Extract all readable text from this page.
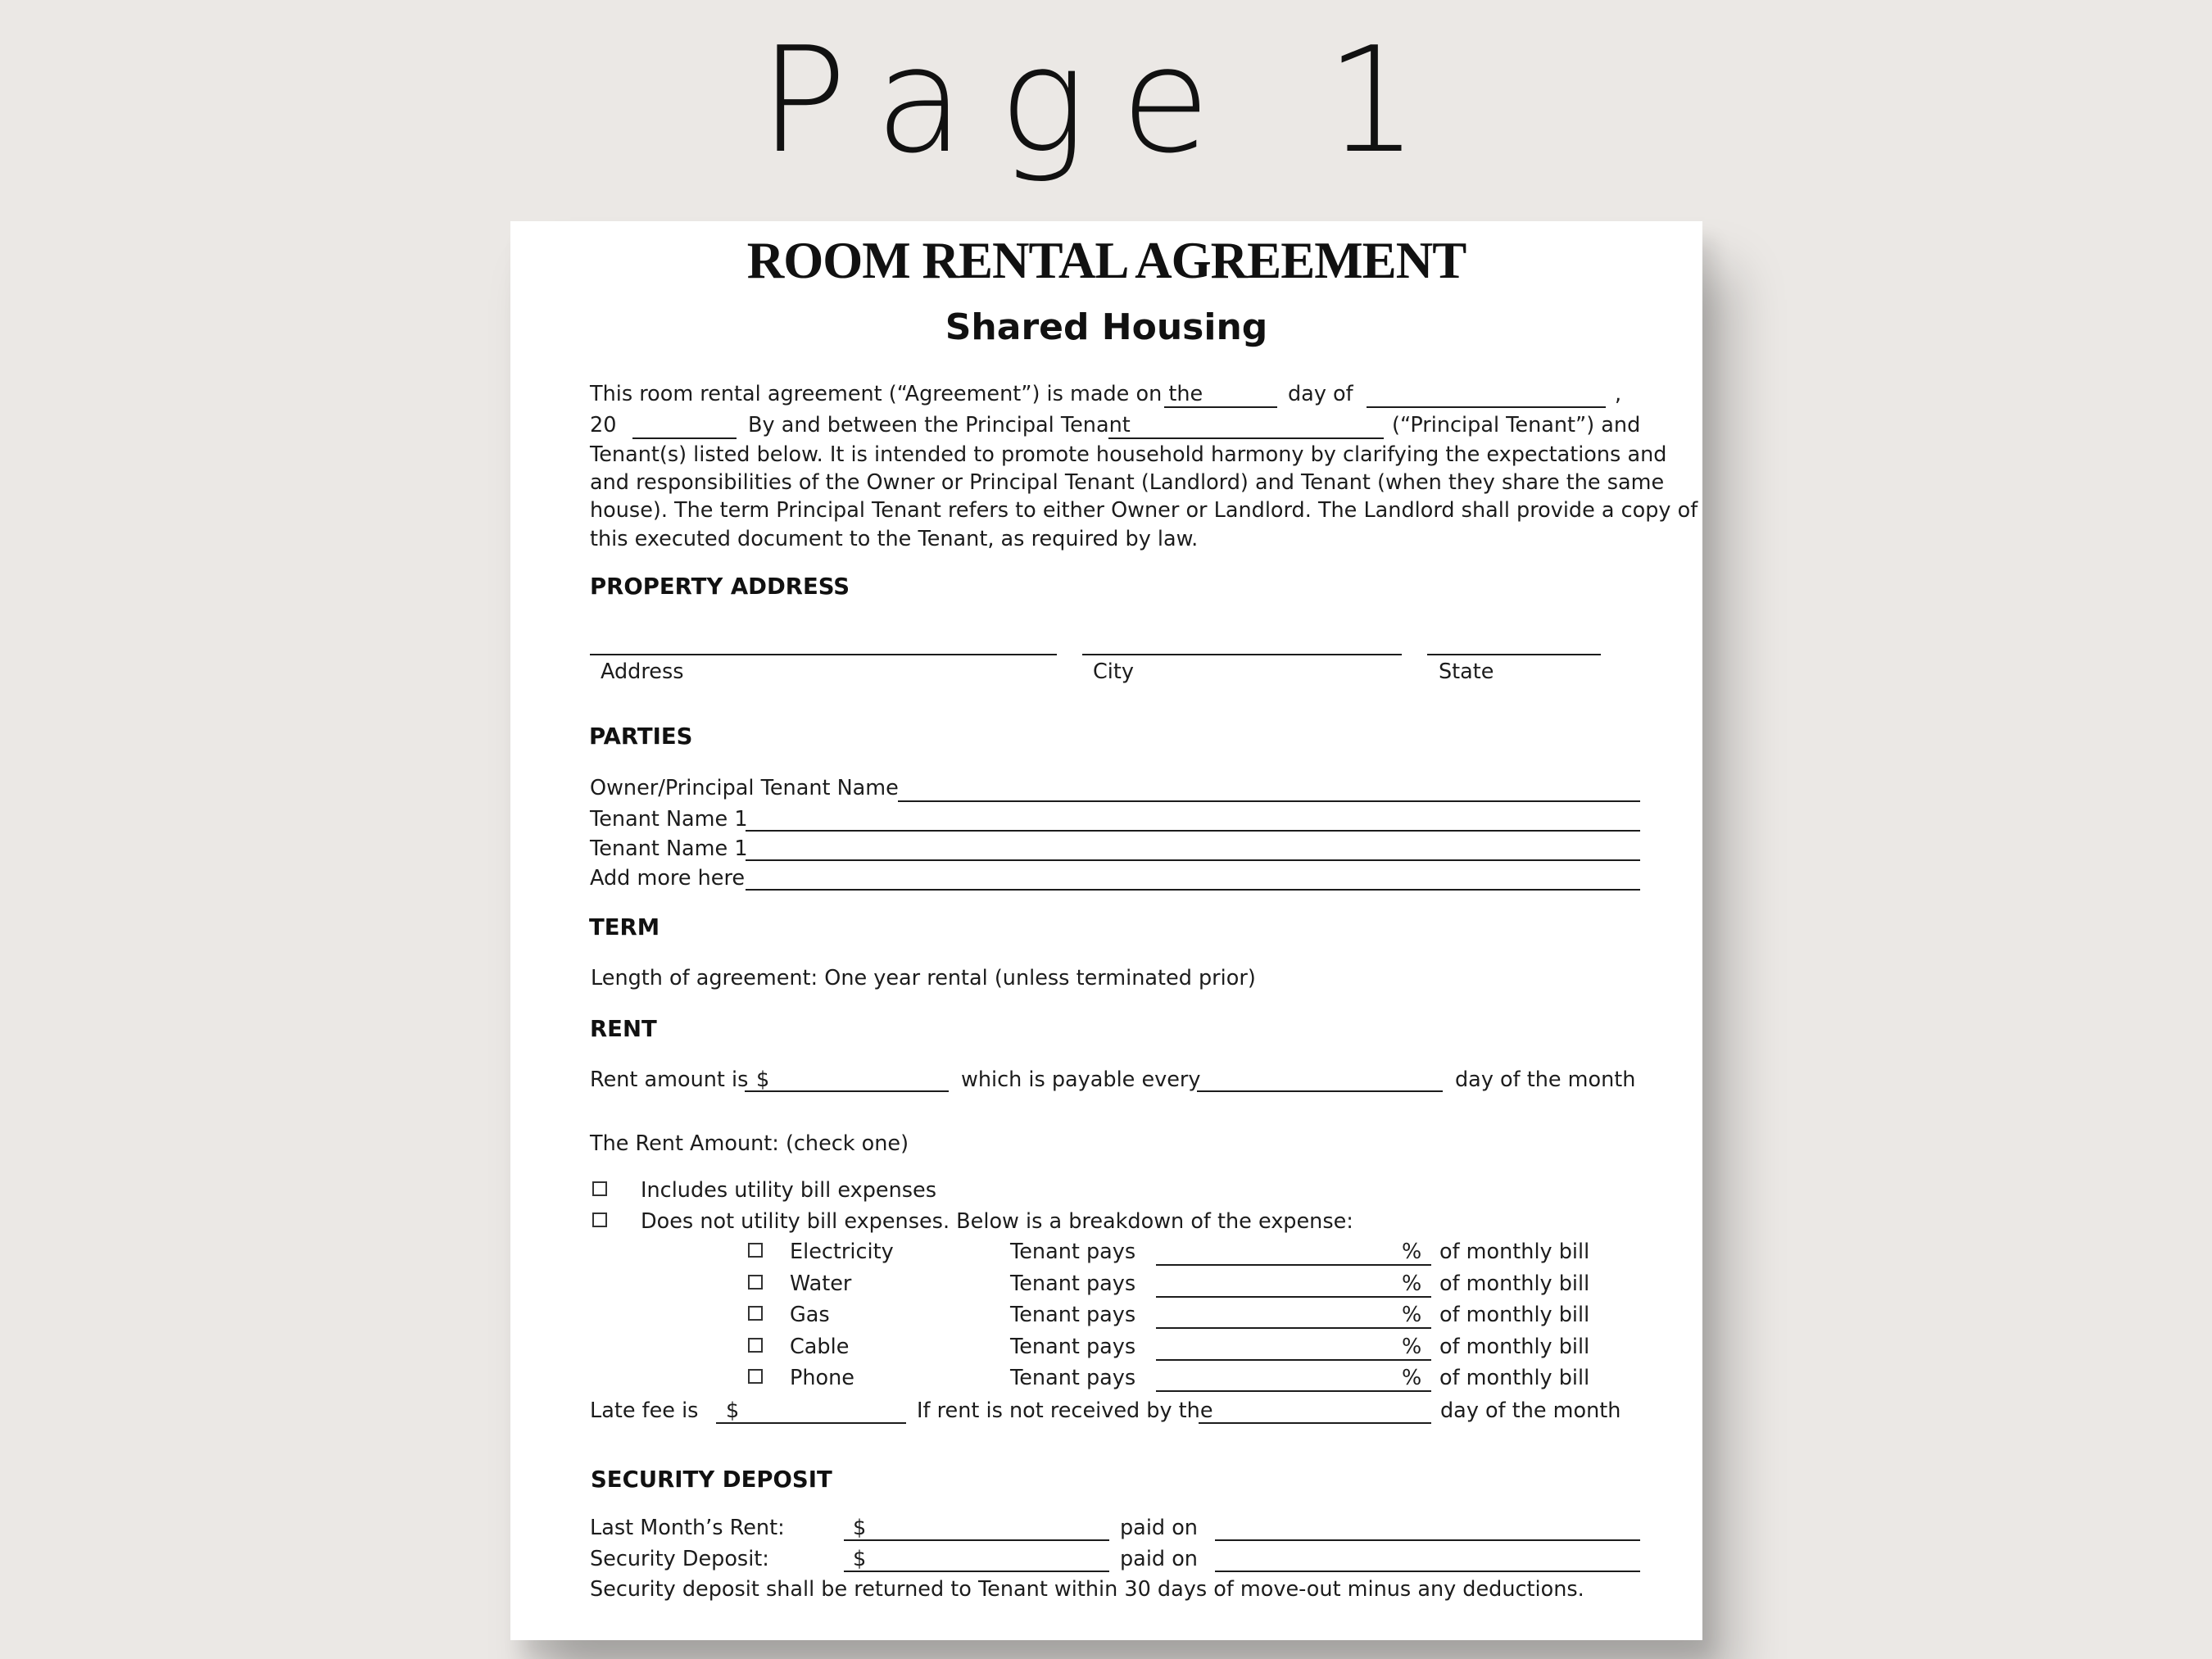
Page 1
ROOM RENTAL AGREEMENT
Shared Housing
This room rental agreement (“Agreement”) is made on the	day of	,
20	By and between the Principal Tenant	(“Principal Tenant”) and
Tenant(s) listed below. It is intended to promote household harmony by clarifying the expectations and
and responsibilities of the Owner or Principal Tenant (Landlord) and Tenant (when they share the same
house). The term Principal Tenant refers to either Owner or Landlord. The Landlord shall provide a copy of
this executed document to the Tenant, as required by law.
PROPERTY ADDRESS
Address	City	State
PARTIES
Owner/Principal Tenant Name
Tenant Name 1
Tenant Name 1
Add more here
TERM
Length of agreement: One year rental (unless terminated prior)
RENT
Rent amount is $	which is payable every	day of the month
The Rent Amount: (check one)
Includes utility bill expenses
Does not utility bill expenses. Below is a breakdown of the expense:
Electricity	Tenant pays	% of monthly bill
Water	Tenant pays	% of monthly bill
Gas	Tenant pays	% of monthly bill
Cable	Tenant pays	% of monthly bill
Phone	Tenant pays	% of monthly bill
Late fee is $	If rent is not received by the	day of the month
SECURITY DEPOSIT
Last Month’s Rent:	$	paid on
Security Deposit:	$	paid on
Security deposit shall be returned to Tenant within 30 days of move-out minus any deductions.
